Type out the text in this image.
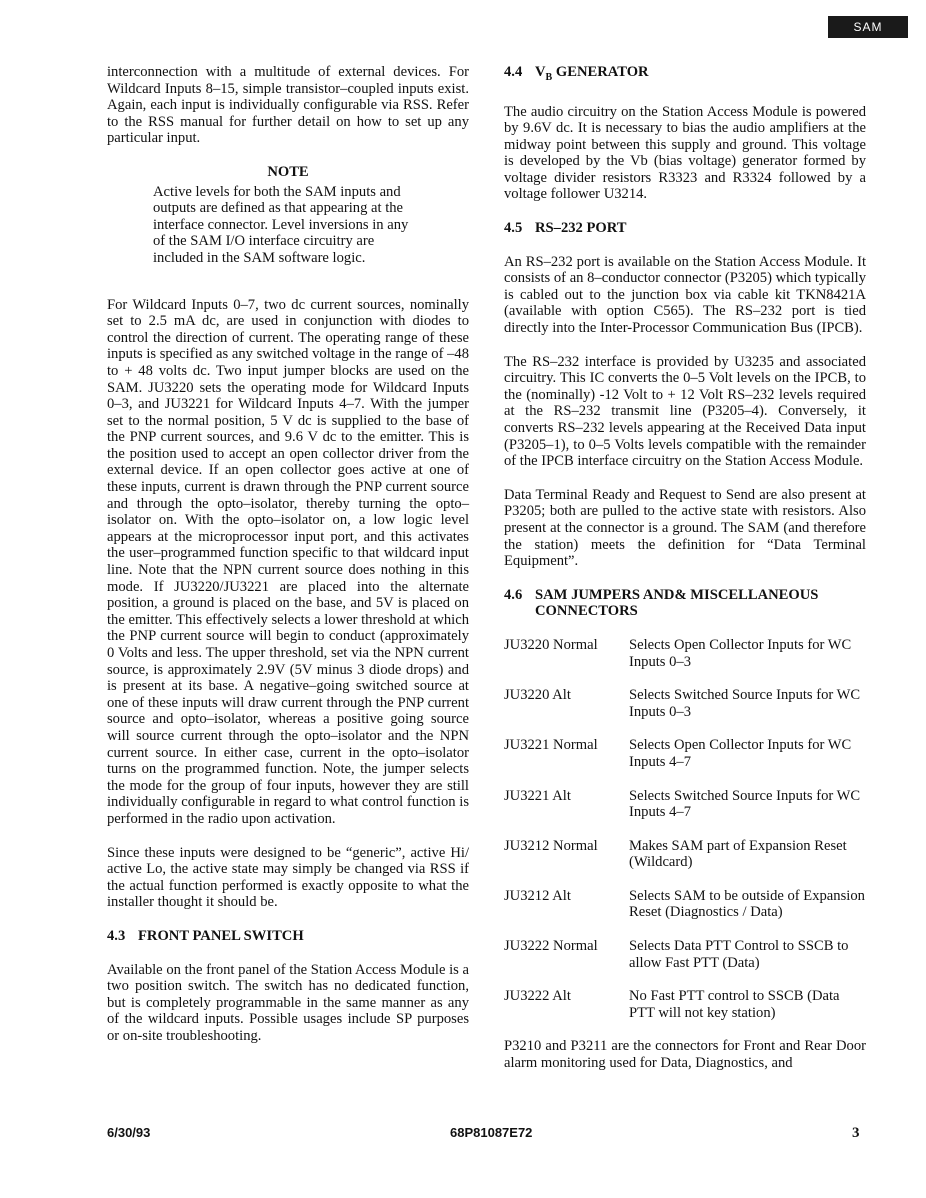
SAM

interconnection with a multitude of external devices. For Wildcard Inputs 8–15, simple transistor–coupled inputs exist. Again, each input is individually configurable via RSS. Refer to the RSS manual for further detail on how to set up any particular input.

NOTE
Active levels for both the SAM inputs and outputs are defined as that appearing at the interface connector. Level inversions in any of the SAM I/O interface circuitry are included in the SAM software logic.

For Wildcard Inputs 0–7, two dc current sources, nominally set to 2.5 mA dc, are used in conjunction with diodes to control the direction of current. The operating range of these inputs is specified as any switched voltage in the range of –48 to + 48 volts dc. Two input jumper blocks are used on the SAM. JU3220 sets the operating mode for Wildcard Inputs 0–3, and JU3221 for Wildcard Inputs 4–7. With the jumper set to the normal position, 5 V dc is supplied to the base of the PNP current sources, and 9.6 V dc to the emitter. This is the position used to accept an open collector driver from the external device. If an open collector goes active at one of these inputs, current is drawn through the PNP current source and through the opto–isolator, thereby turning the opto–isolator on. With the opto–isolator on, a low logic level appears at the microprocessor input port, and this activates the user–programmed function specific to that wildcard input line. Note that the NPN current source does nothing in this mode. If JU3220/JU3221 are placed into the alternate position, a ground is placed on the base, and 5V is placed on the emitter. This effectively selects a lower threshold at which the PNP current source will begin to conduct (approximately 0 Volts and less. The upper threshold, set via the NPN current source, is approximately 2.9V (5V minus 3 diode drops) and is present at its base. A negative–going switched source at one of these inputs will draw current through the PNP current source and opto–isolator, whereas a positive going source will source current through the opto–isolator and the NPN current source. In either case, current in the opto–isolator turns on the programmed function. Note, the jumper selects the mode for the group of four inputs, however they are still individually configurable in regard to what control function is performed in the radio upon activation.

Since these inputs were designed to be “generic”, active Hi/ active Lo, the active state may simply be changed via RSS if the actual function performed is exactly opposite to what the installer thought it should be.

4.3 FRONT PANEL SWITCH

Available on the front panel of the Station Access Module is a two position switch. The switch has no dedicated function, but is completely programmable in the same manner as any of the wildcard inputs. Possible usages include SP purposes or on-site troubleshooting.

4.4 $V_B$ GENERATOR

The audio circuitry on the Station Access Module is powered by 9.6V dc. It is necessary to bias the audio amplifiers at the midway point between this supply and ground. This voltage is developed by the Vb (bias voltage) generator formed by voltage divider resistors R3323 and R3324 followed by a voltage follower U3214.

4.5 RS–232 PORT

An RS–232 port is available on the Station Access Module. It consists of an 8–conductor connector (P3205) which typically is cabled out to the junction box via cable kit TKN8421A (available with option C565). The RS–232 port is tied directly into the Inter-Processor Communication Bus (IPCB).

The RS–232 interface is provided by U3235 and associated circuitry. This IC converts the 0–5 Volt levels on the IPCB, to the (nominally) -12 Volt to + 12 Volt RS–232 levels required at the RS–232 transmit line (P3205–4). Conversely, it converts RS–232 levels appearing at the Received Data input (P3205–1), to 0–5 Volts levels compatible with the remainder of the IPCB interface circuitry on the Station Access Module.

Data Terminal Ready and Request to Send are also present at P3205; both are pulled to the active state with resistors. Also present at the connector is a ground. The SAM (and therefore the station) meets the definition for “Data Terminal Equipment”.

4.6 SAM JUMPERS AND& MISCELLANEOUS CONNECTORS
JU3220 Normal	Selects Open Collector Inputs for WC Inputs 0–3
JU3220 Alt	Selects Switched Source Inputs for WC Inputs 0–3
JU3221 Normal	Selects Open Collector Inputs for WC Inputs 4–7
JU3221 Alt	Selects Switched Source Inputs for WC Inputs 4–7
JU3212 Normal	Makes SAM part of Expansion Reset (Wildcard)
JU3212 Alt	Selects SAM to be outside of Expansion Reset (Diagnostics / Data)
JU3222 Normal	Selects Data PTT Control to SSCB to allow Fast PTT (Data)
JU3222 Alt	No Fast PTT control to SSCB (Data PTT will not key station)

P3210 and P3211 are the connectors for Front and Rear Door alarm monitoring used for Data, Diagnostics, and

6/30/93	68P81087E72	3
